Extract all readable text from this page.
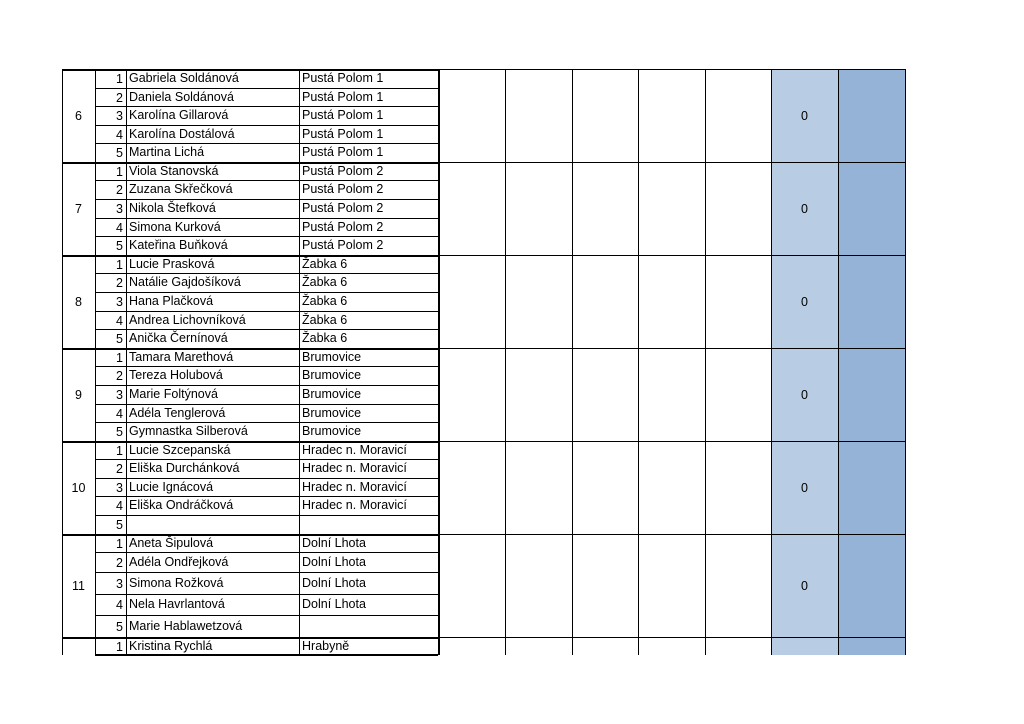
6	0
1 Gabriela Soldánová	Pustá Polom 1
2 Daniela Soldánová	Pustá Polom 1
3 Karolína Gillarová	Pustá Polom 1
4 Karolína Dostálová	Pustá Polom 1
5 Martina Lichá	Pustá Polom 1
7	0
1 Viola Stanovská	Pustá Polom 2
2 Zuzana Skřečková	Pustá Polom 2
3 Nikola Štefková	Pustá Polom 2
4 Simona Kurková	Pustá Polom 2
5 Kateřina Buňková	Pustá Polom 2
8	0
1 Lucie Prasková	Žabka 6
2 Natálie Gajdošíková	Žabka 6
3 Hana Plačková	Žabka 6
4 Andrea Lichovníková	Žabka 6
5 Anička Černínová	Žabka 6
9	0
1 Tamara Marethová	Brumovice
2 Tereza Holubová	Brumovice
3 Marie Foltýnová	Brumovice
4 Adéla Tenglerová	Brumovice
5 Gymnastka Silberová	Brumovice
10	0
1 Lucie Szcepanská	Hradec n. Moravicí
2 Eliška Durchánková	Hradec n. Moravicí
3 Lucie Ignácová	Hradec n. Moravicí
4 Eliška Ondráčková	Hradec n. Moravicí
5
11	0
1 Aneta Šipulová	Dolní Lhota
2 Adéla Ondřejková	Dolní Lhota
3 Simona Rožková	Dolní Lhota
4 Nela Havrlantová	Dolní Lhota
5 Marie Hablawetzová
1 Kristina Rychlá	Hrabyně
